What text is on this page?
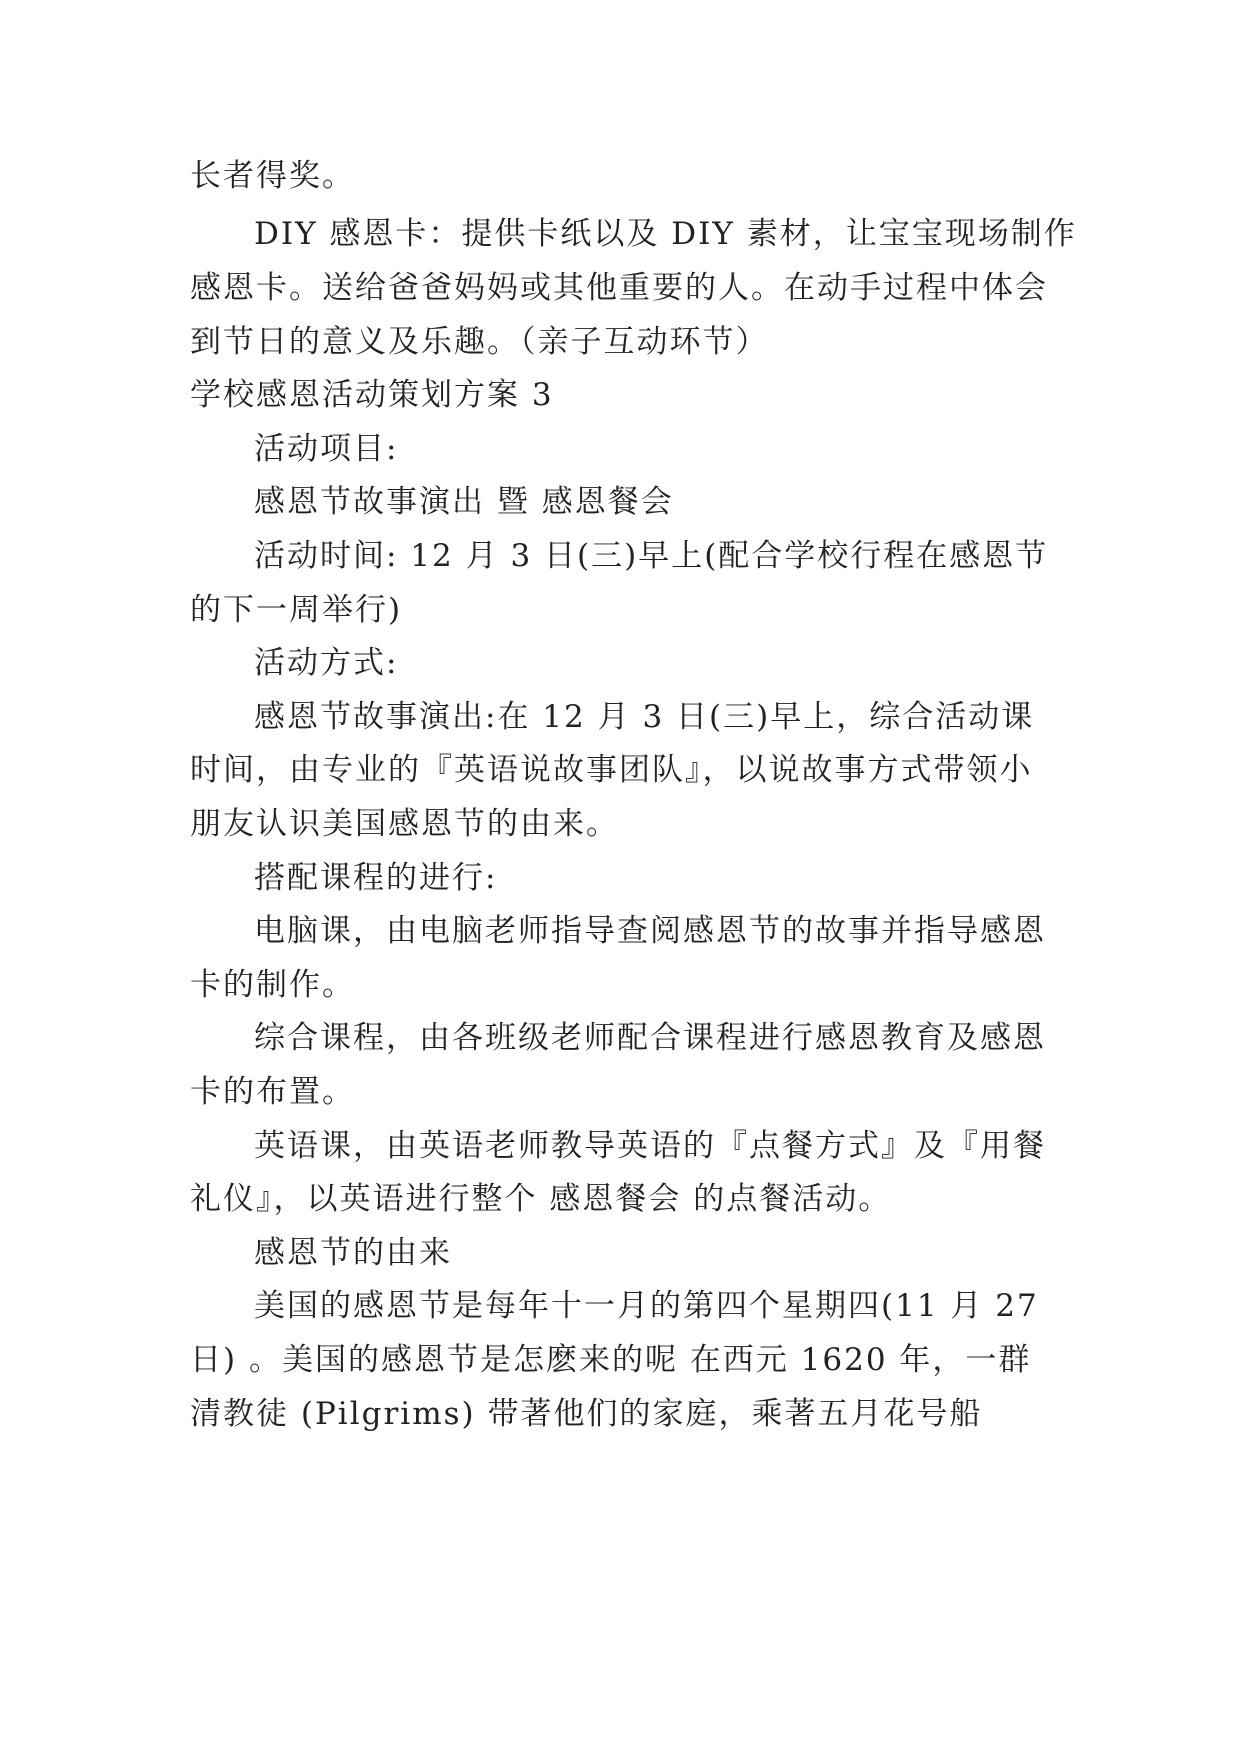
长者得奖。
DIY 感恩卡：提供卡纸以及 DIY 素材，让宝宝现场制作
感恩卡。送给爸爸妈妈或其他重要的人。在动手过程中体会
到节日的意义及乐趣。（亲子互动环节）
学校感恩活动策划方案 3
活动项目:
感恩节故事演出 暨 感恩餐会
活动时间: 12 月 3 日(三)早上(配合学校行程在感恩节
的下一周举行)
活动方式:
感恩节故事演出:在 12 月 3 日(三)早上，综合活动课
时间，由专业的『英语说故事团队』，以说故事方式带领小
朋友认识美国感恩节的由来。
搭配课程的进行:
电脑课，由电脑老师指导查阅感恩节的故事并指导感恩
卡的制作。
综合课程，由各班级老师配合课程进行感恩教育及感恩
卡的布置。
英语课，由英语老师教导英语的『点餐方式』及『用餐
礼仪』，以英语进行整个 感恩餐会 的点餐活动。
感恩节的由来
美国的感恩节是每年十一月的第四个星期四(11 月 27
日) 。美国的感恩节是怎麽来的呢 在西元 1620 年，一群
清教徒 (Pilgrims) 带著他们的家庭，乘著五月花号船
